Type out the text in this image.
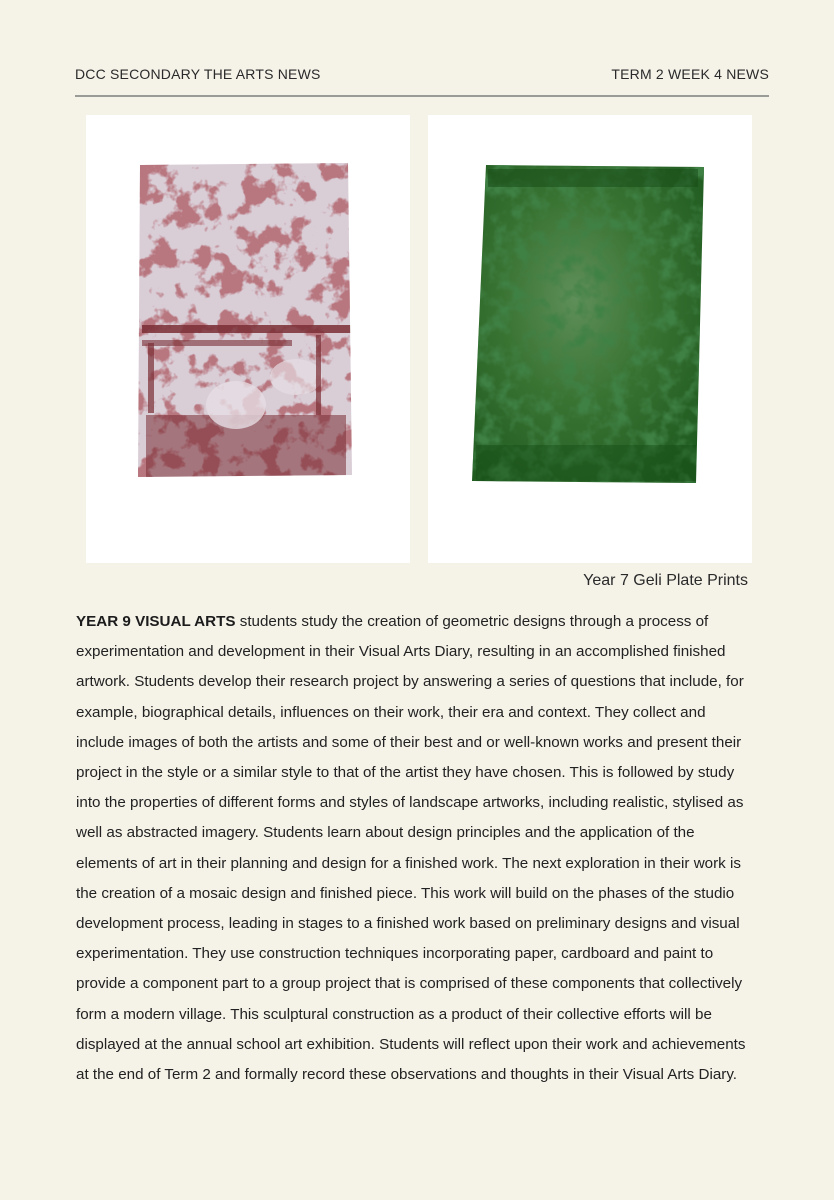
DCC SECONDARY THE ARTS NEWS	TERM 2 WEEK 4 NEWS
Year 7 Geli Plate Prints

YEAR 9 VISUAL ARTS students study the creation of geometric designs through a process of experimentation and development in their Visual Arts Diary, resulting in an accomplished finished artwork. Students develop their research project by answering a series of questions that include, for example, biographical details, influences on their work, their era and context. They collect and include images of both the artists and some of their best and or well-known works and present their project in the style or a similar style to that of the artist they have chosen. This is followed by study into the properties of different forms and styles of landscape artworks, including realistic, stylised as well as abstracted imagery. Students learn about design principles and the application of the elements of art in their planning and design for a finished work. The next exploration in their work is the creation of a mosaic design and finished piece. This work will build on the phases of the studio development process, leading in stages to a finished work based on preliminary designs and visual experimentation. They use construction techniques incorporating paper, cardboard and paint to provide a component part to a group project that is comprised of these components that collectively form a modern village. This sculptural construction as a product of their collective efforts will be displayed at the annual school art exhibition. Students will reflect upon their work and achievements at the end of Term 2 and formally record these observations and thoughts in their Visual Arts Diary.
